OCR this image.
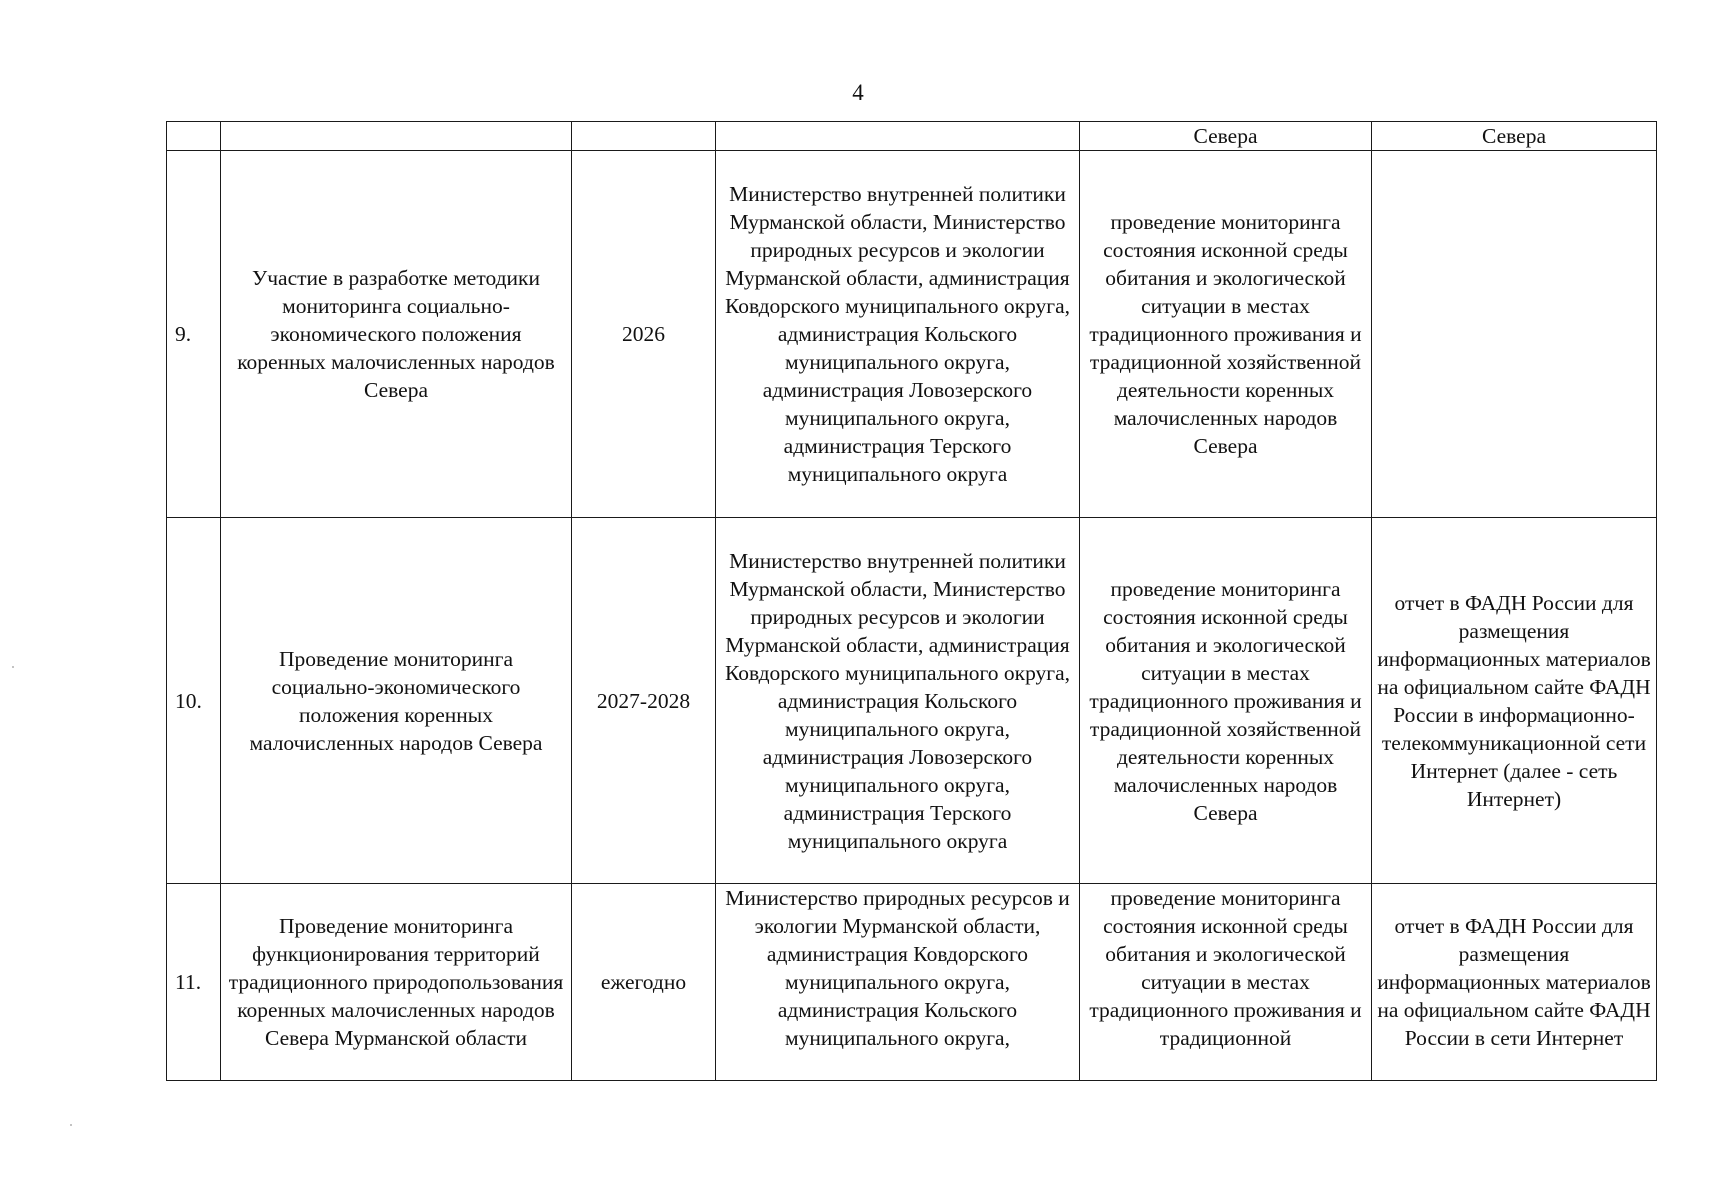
4
				Севера	Севера
9.	Участие в разработке методики мониторинга социально-экономического положения коренных малочисленных народов Севера	2026	Министерство внутренней политики Мурманской области, Министерство природных ресурсов и экологии Мурманской области, администрация Ковдорского муниципального округа, администрация Кольского муниципального округа, администрация Ловозерского муниципального округа, администрация Терского муниципального округа	проведение мониторинга состояния исконной среды обитания и экологической ситуации в местах традиционного проживания и традиционной хозяйственной деятельности коренных малочисленных народов Севера	
10.	Проведение мониторинга социально-экономического положения коренных малочисленных народов Севера	2027-2028	Министерство внутренней политики Мурманской области, Министерство природных ресурсов и экологии Мурманской области, администрация Ковдорского муниципального округа, администрация Кольского муниципального округа, администрация Ловозерского муниципального округа, администрация Терского муниципального округа	проведение мониторинга состояния исконной среды обитания и экологической ситуации в местах традиционного проживания и традиционной хозяйственной деятельности коренных малочисленных народов Севера	отчет в ФАДН России для размещения информационных материалов на официальном сайте ФАДН России в информационно-телекоммуникационной сети Интернет (далее - сеть Интернет)
11.	Проведение мониторинга функционирования территорий традиционного природопользования коренных малочисленных народов Севера Мурманской области	ежегодно	Министерство природных ресурсов и экологии Мурманской области, администрация Ковдорского муниципального округа, администрация Кольского муниципального округа,	проведение мониторинга состояния исконной среды обитания и экологической ситуации в местах традиционного проживания и традиционной	отчет в ФАДН России для размещения информационных материалов на официальном сайте ФАДН России в сети Интернет
